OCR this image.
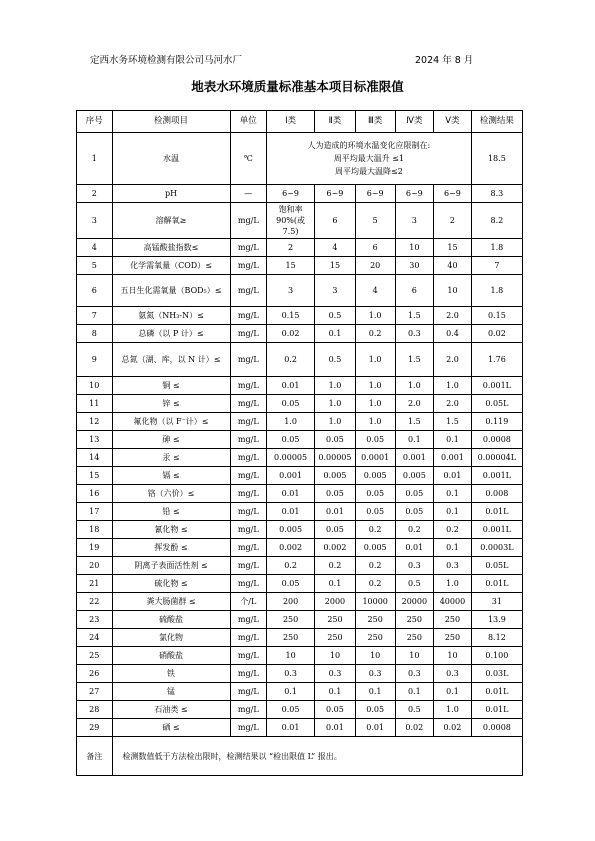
定西水务环境检测有限公司马河水厂	2024 年 8 月
地表水环境质量标准基本项目标准限值
序号	检测项目	单位	Ⅰ类	Ⅱ类	Ⅲ类	Ⅳ类	Ⅴ类	检测结果
1	水温	℃	人为造成的环境水温变化应限制在:
周平均最大温升 ≤1
周平均最大温降≤2					18.5
2	pH	—	6~9	6~9	6~9	6~9	6~9	8.3
3	溶解氧≥	mg/L	饱和率 90%(或 7.5)	6	5	3	2	8.2
4	高锰酸盐指数≤	mg/L	2	4	6	10	15	1.8
5	化学需氧量（COD）≤	mg/L	15	15	20	30	40	7
6	五日生化需氧量（BOD₅）≤	mg/L	3	3	4	6	10	1.8
7	氨氮（NH₃-N）≤	mg/L	0.15	0.5	1.0	1.5	2.0	0.15
8	总磷（以 P 计）≤	mg/L	0.02	0.1	0.2	0.3	0.4	0.02
9	总氮（湖、库，以 N 计）≤	mg/L	0.2	0.5	1.0	1.5	2.0	1.76
10	铜 ≤	mg/L	0.01	1.0	1.0	1.0	1.0	0.001L
11	锌 ≤	mg/L	0.05	1.0	1.0	2.0	2.0	0.05L
12	氟化物（以 F⁻计）≤	mg/L	1.0	1.0	1.0	1.5	1.5	0.119
13	砷 ≤	mg/L	0.05	0.05	0.05	0.1	0.1	0.0008
14	汞 ≤	mg/L	0.00005	0.00005	0.0001	0.001	0.001	0.00004L
15	镉 ≤	mg/L	0.001	0.005	0.005	0.005	0.01	0.001L
16	铬（六价）≤	mg/L	0.01	0.05	0.05	0.05	0.1	0.008
17	铅 ≤	mg/L	0.01	0.01	0.05	0.05	0.1	0.01L
18	氰化物 ≤	mg/L	0.005	0.05	0.2	0.2	0.2	0.001L
19	挥发酚 ≤	mg/L	0.002	0.002	0.005	0.01	0.1	0.0003L
20	阴离子表面活性剂 ≤	mg/L	0.2	0.2	0.2	0.3	0.3	0.05L
21	硫化物 ≤	mg/L	0.05	0.1	0.2	0.5	1.0	0.01L
22	粪大肠菌群 ≤	个/L	200	2000	10000	20000	40000	31
23	硫酸盐	mg/L	250	250	250	250	250	13.9
24	氯化物	mg/L	250	250	250	250	250	8.12
25	硝酸盐	mg/L	10	10	10	10	10	0.100
26	铁	mg/L	0.3	0.3	0.3	0.3	0.3	0.03L
27	锰	mg/L	0.1	0.1	0.1	0.1	0.1	0.01L
28	石油类 ≤	mg/L	0.05	0.05	0.05	0.5	1.0	0.01L
29	硒 ≤	mg/L	0.01	0.01	0.01	0.02	0.02	0.0008
备注	检测数值低于方法检出限时，检测结果以 “检出限值 L” 报出。							
